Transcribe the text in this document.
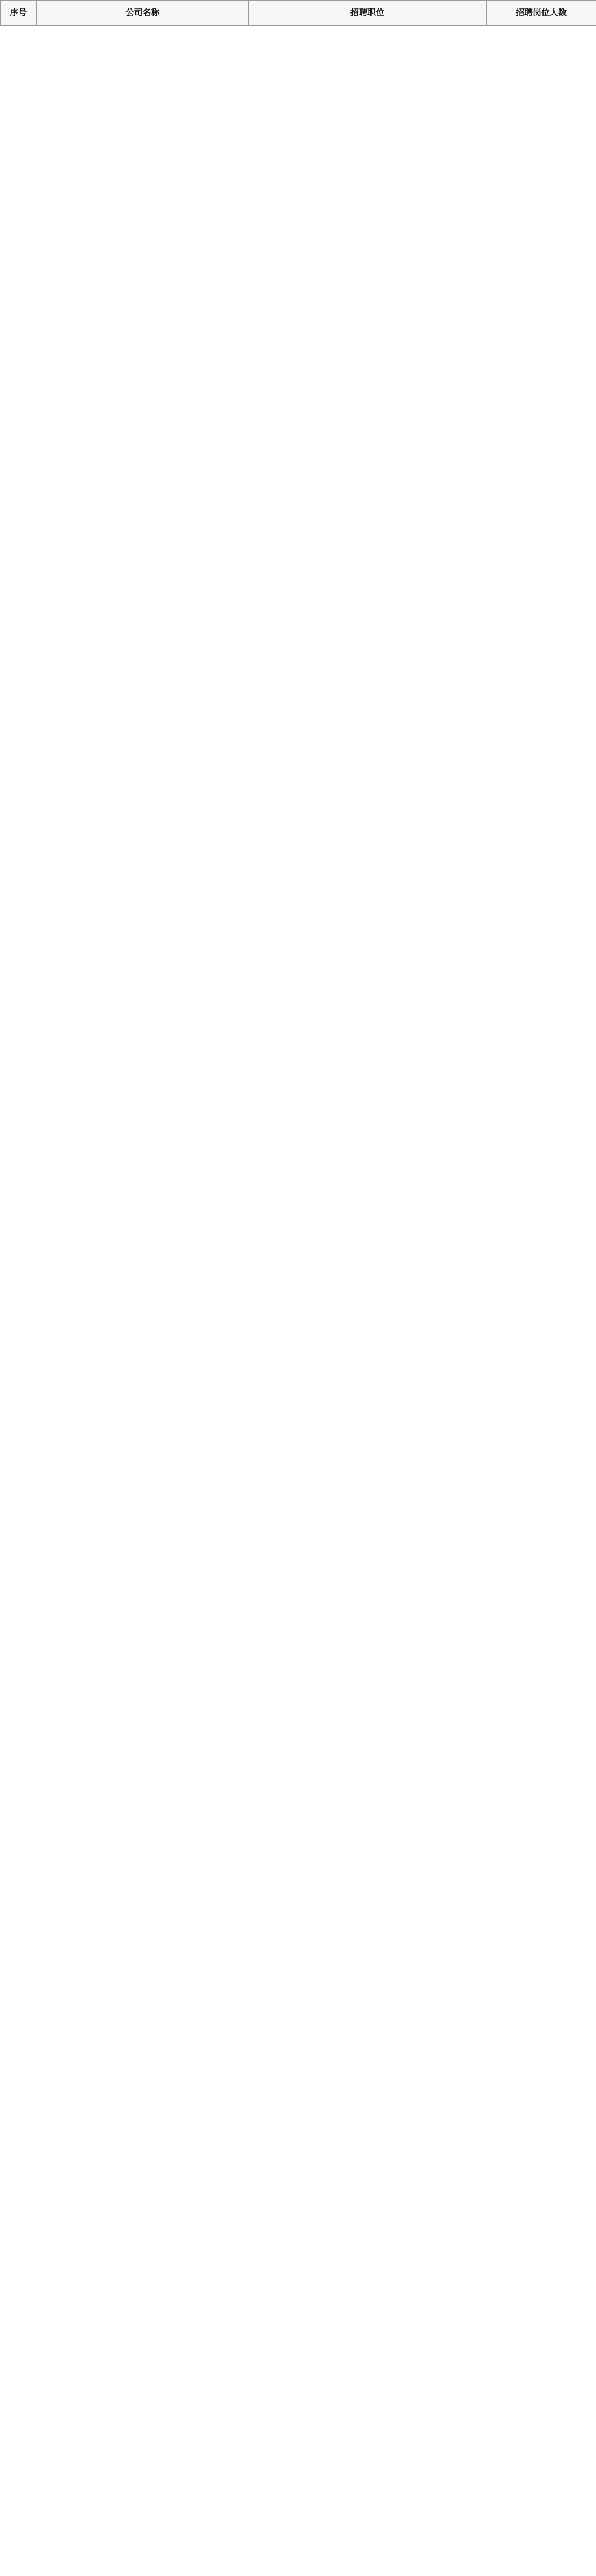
序号	公司名称	招聘职位	招聘岗位人数
